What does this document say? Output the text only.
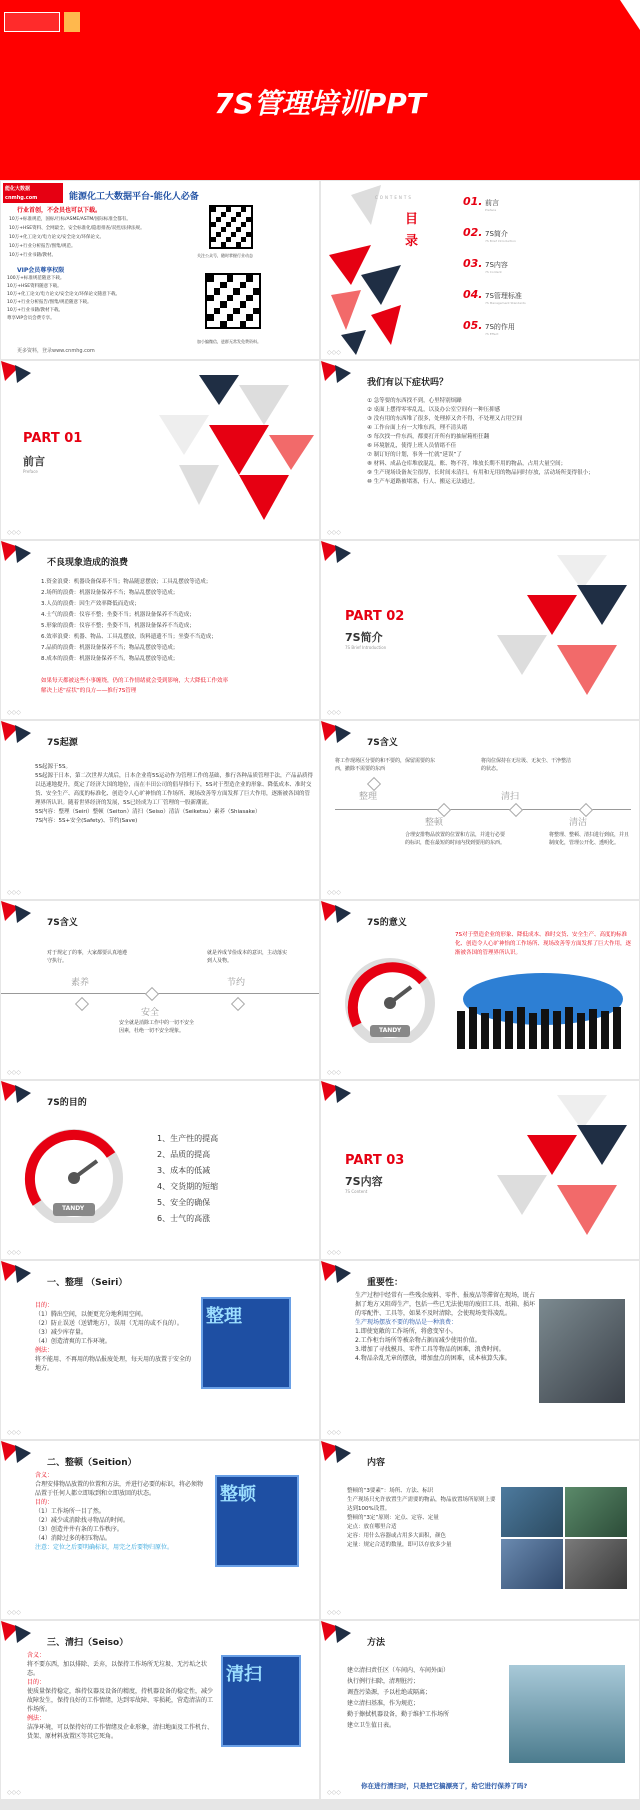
7S管理培训PPT
能化大数据
cnmhg.com	能源化工大数据平台-能化人必备
行业首创，不会员也可以下载。
10万+标准规范，国标/行标/ASME/ASTM/国际标准全都有。
10万+HSE资料、全网最全、安全标准化/隐患排查/双控/法律法规。
10万+化工论文/电力论文/安全论文/环保论文。
10万+行业分析报告/图集/规范。
10万+行业书籍/教材。
VIP会员尊享权限
100万+标准规范随意下载。
10万+HSE资料随意下载。
10万+化工论文/电力论文/安全论文/环保论文随意下载。
10万+行业分析报告/图集/规范随意下载。
10万+行业书籍/教材下载。
尊享VIP会员会费专享。
更多资料，登录www.cnmhg.com
关注公众号，随时掌握行业动态
加小编微信，进群无常发免费资料。
CONTENTS
目 录
01. 前言
Preface
02. 7S简介
7S Brief Introduction
03. 7S内容
7S Content
04. 7S管理标准
7S Management Standards
05. 7S的作用
7S Effect
◇◇◇
PART 01
前言
Preface
◇◇◇
我们有以下症状吗？
① 急等要的东西找不到，心里特别烦躁
② 桌面上摆得零零乱乱，以及办公室空间有一种压抑感
③ 没有用的东西堆了很多，处理掉又舍不得，不处理又占用空间
④ 工作台面上有一大堆东西，理不清头绪
⑤ 每次找一件东西，都要打开所有的抽屉箱柜狂翻
⑥ 环境脏乱，使得上班人员情绪不佳
⑦ 制订好的计划，事务一忙就“延误”了
⑧ 材料、成品仓库堆放混乱，账、物不符，堆放长期不用的物品，占用大量空间；
⑨ 生产现场设备灰尘很厚，长时间未清扫，有用和无用的物品同时存放，活动场所变得很小；
⑩ 生产车道路被堵塞，行人、搬运无法通过。
◇◇◇
不良现象造成的浪费
1.资金浪费：机器设备保养不当；物品随意摆放；工具乱摆放等造成；
2.场所的浪费：机器设备保养不当；物品乱摆放等造成；
3.人员的浪费：因生产效率降低而造成；
4.士气的浪费：仪容不整；坐姿不当；机器设备保养不当造成；
5.形象的浪费：仪容不整；坐姿不当，机器设备保养不当造成；
6.效率浪费：机器、物品、工具乱摆放，诶料遗遗不当；坐姿不当造成；
7.品质的浪费：机器设备保养不当；物品乱摆放等造成；
8.成本的浪费：机器设备保养不当，物品乱摆放等造成；
如果每天都被这些小事缠绕，仍的工作情绪就会受到影响，大大降低工作效率
解决上述“症状”的良方——推行7S管理
◇◇◇
PART 02
7S简介
7S Brief Introduction
◇◇◇
7S起源

5S起源于5S。

5S起源于日本，第二次世界大战后，日本企业将5S运动作为管理工作的基础，推行各种品质管理手法，产品品质得以迅速地提升，奠定了经济大国的地位，而在丰田公司的倡导推行下，5S对于塑造企业的形象、降低成本、准时交货、安全生产、高度的标准化、创造令人心旷神怡的工作场所、现场改善等方面发挥了巨大作用，逐渐被各国的管理界所认识。随着世界经济的发展，5S已经成为工厂管理的一股新潮流。

5S内容：整理（Seiri）整顿（Seiton）清扫（Seiso）清洁（Seiketsu）素养（Shiasake）

7S内容：5S+安全(Safety)、节约(Save)

◇◇◇
7S含义
将工作现场区分要的和不要的，保留需要的东西，撤除不需要的东西
将岗位保持在无垃圾、无灰尘、干净整洁的状态。
整理	清扫
整顿	清洁
合理安排物品放置的位置和方法，并进行必要的标识，能在最短的时间内找到要用的东西。
将整理、整顿、清扫进行到底，并且制度化，管理公开化、透明化。
◇◇◇
7S含义
对于规定了的事，大家都要认真地遵守执行。
就是养成节俭成本的意识，主动落实到人及物。
素养	节约
安全
安全就是消除工作中的一切不安全因素，杜绝一切不安全现象。
◇◇◇
7S的意义
7S对于塑造企业的形象、降低成本、准时交货、安全生产、高度的标准化、创造令人心旷神怡的工作场所、现场改善等方面发挥了巨大作用，逐渐被各国的管理界所认识。
TANDY
◇◇◇
7S的目的
TANDY
1、生产性的提高
2、品质的提高
3、成本的低减
4、交货期的短缩
5、安全的确保
6、士气的高涨
◇◇◇
PART 03
7S内容
7S Content
◇◇◇
一、整理 （Seiri）

目的：

（1）腾出空间，以便更充分地利用空间。
（2）防止误送（送错地方），误用（无用的或不良的）。
（3）减少库存量。
（4）创造清爽的工作环境。

例法：

将不能用、不再用的物品报废处理，每天用的放置于安全的地方。

整理
◇◇◇
重要性：

生产过程中经常有一些残余废料、零件、报废品等滞留在现场，既占据了地方又阻碍生产，包括一些已无法使用的废旧工具、纸箱、损坏的零配件、工具等，如果不及时清除，会使现场变得凌乱。

生产现场摆放不要的物品是一种浪费：

1.即使宽敞的工作场所，将愈变窄小。
2.工作柜台场所等被杂物占据而减少使用价值。
3.增加了寻找模具、零件工具等物品的困难，浪费时间。
4.物品杂乱无章的摆放，增加盘点的困难，成本核算失准。
◇◇◇
二、整顿（Seition）

含义：

合理安排物品放置的位置和方法，并进行必要的标识，将必须物品置于任何人都立即取到和立即放回的状态。

目的：

（1）工作场所一目了然。
（2）减少或消除找寻物品的时间。
（3）创造井井有条的工作秩序。
（4）消除过多的积压物品。

注意：定位之后要明确标识，用完之后要物归原位。

整顿
◇◇◇
内容

整顿的“3要素”：场所、方法、标识

生产现场只允许放置生产需要的物品，物品放置场所原则上要达到100%设置。

整顿的“3定”原则：定点、定容、定量

定点：放在哪里合适

定容：用什么容器或占用多大面积，颜色

定量：规定合适的数量，即可以存放多少量

◇◇◇
三、清扫（Seiso）

含义：

将不要东西，加以排除、丢弃，以保持工作场所无垃圾、无污垢之状态。

目的：

使质量保持稳定，维持仪器及设备的精度，持机器设备的稳定性，减少故障发生，保持良好的工作情绪，达到零故障、零损耗，营造清洁的工作场所。

例法：

洁净环境，可以保持好的工作情绪及企业形象，清扫地面及工作机台、货架、原材料放置区等其它死角。

清扫
◇◇◇
方法
建立清扫责任区（车间内、车间外面）
执行例行扫除，清理脏污；
调查污染源，予以杜绝或隔离；
建立清扫基准，作为规范；
勤于擦拭机器设备，勤于维护工作场所
建立卫生值日表。
你在进行清扫时，只是把它搞漂亮了，给它进行保养了吗?
◇◇◇
